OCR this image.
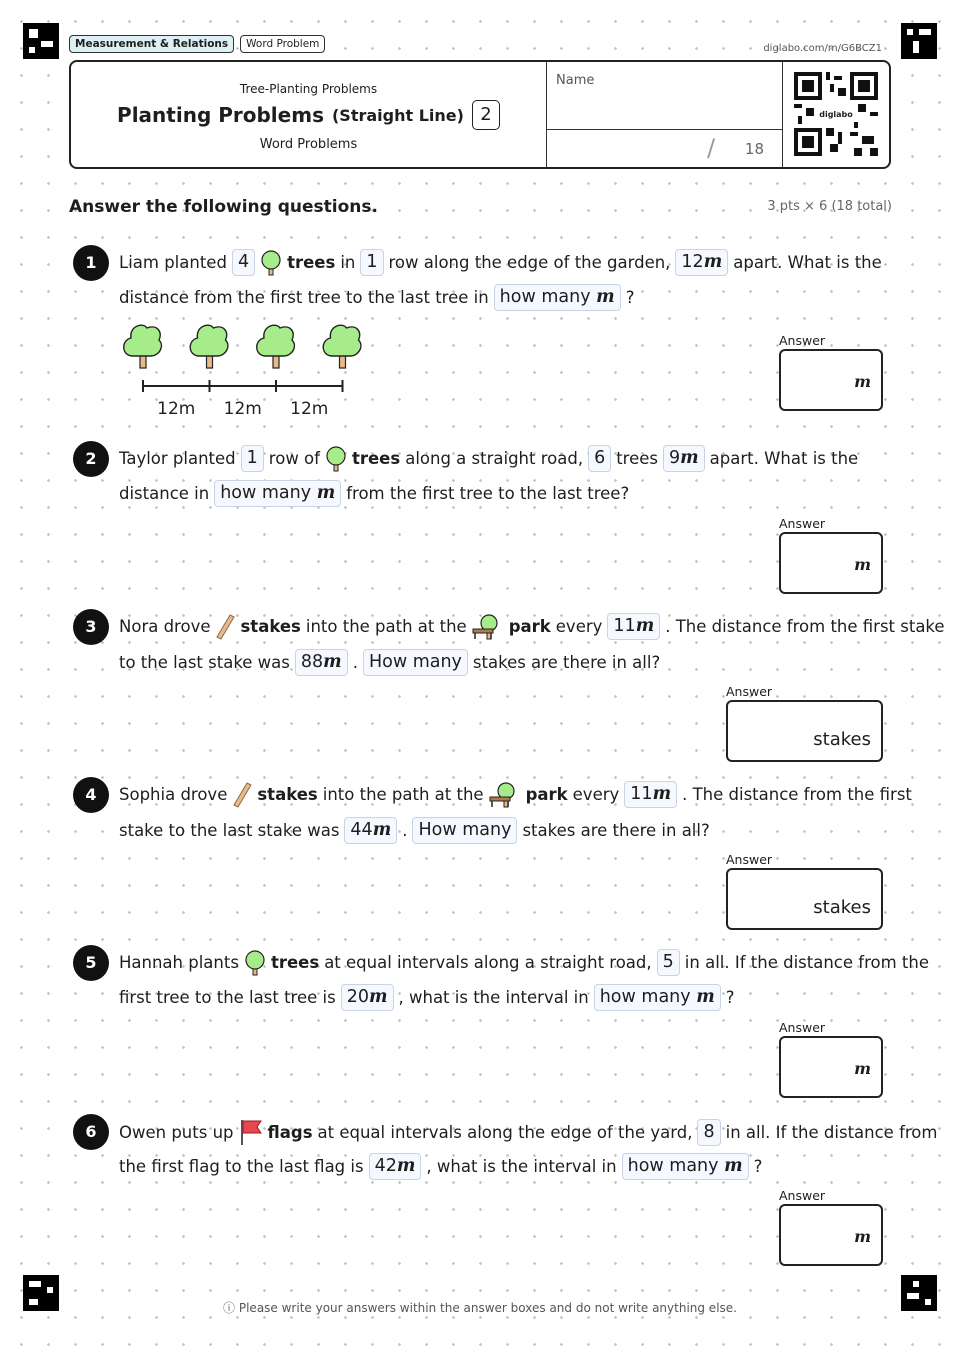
Measurement & Relations	Word Problem	diglabo.com/m/G6BCZ1
Tree-Planting Problems
Planting Problems (Straight Line) 2
Word Problems
Name
/ 18
diglabo
Answer the following questions.	3 pts × 6 (18 total)
1	Liam planted 4	trees in 1 row along the edge of the garden, 12m apart. What is the
distance from the first tree to the last tree in how many m ?
12m 12m 12m
Answer
m
2	Taylor planted 1 row of trees along a straight road, 6 trees 9m apart. What is the
distance in how many m from the first tree to the last tree?
Answer
m
3	Nora drove stakes into the path at the	park every 11m . The distance from the first stake
to the last stake was 88m . How many stakes are there in all?
Answer
stakes
4	Sophia drove stakes into the path at the	park every 11m . The distance from the first
stake to the last stake was 44m . How many stakes are there in all?
Answer
stakes
5	Hannah plants trees at equal intervals along a straight road, 5 in all. If the distance from the
first tree to the last tree is 20m , what is the interval in how many m ?
Answer
m
6	Owen puts up flags at equal intervals along the edge of the yard, 8 in all. If the distance from
the first flag to the last flag is 42m , what is the interval in how many m ?
Answer
m
ⓘ Please write your answers within the answer boxes and do not write anything else.
